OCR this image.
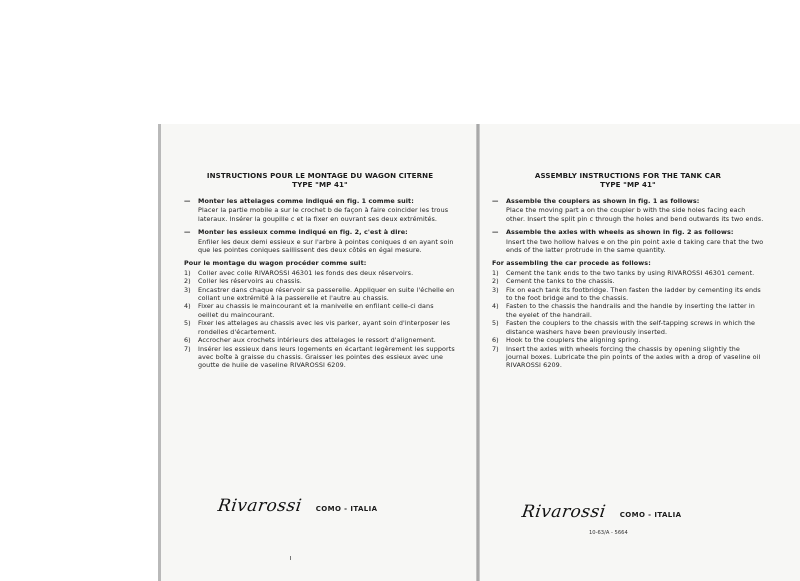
INSTRUCTIONS POUR LE MONTAGE DU WAGON CITERNE
TYPE "MP 41"
—	Monter les attelages comme indiqué en fig. 1 comme suit:
Placer la partie mobile a sur le crochet b de façon à faire coincider les trous lateraux. Insérer la goupille c et la fixer en ouvrant ses deux extrémités.
—	Monter les essieux comme indiqué en fig. 2, c'est à dire:
Enfiler les deux demi essieux e sur l'arbre à pointes coniques d en ayant soin que les pointes coniques saillissent des deux côtés en égal mesure.
Pour le montage du wagon procéder comme suit:
1)	Coller avec colle RIVAROSSI 46301 les fonds des deux réservoirs.
2)	Coller les réservoirs au chassis.
3)	Encastrer dans chaque réservoir sa passerelle. Appliquer en suite l'échelle en collant une extrémité à la passerelle et l'autre au chassis.
4)	Fixer au chassis le maincourant et la manivelle en enfilant celle-ci dans oeillet du maincourant.
5)	Fixer les attelages au chassis avec les vis parker, ayant soin d'interposer les rondelles d'écartement.
6)	Accrocher aux crochets intérieurs des attelages le ressort d'alignement.
7)	Insérer les essieux dans leurs logements en écartant legèrement les supports avec boîte à graisse du chassis. Graisser les pointes des essieux avec une goutte de huile de vaseline RIVAROSSI 6209.
Rivarossi COMO - ITALIA
ASSEMBLY INSTRUCTIONS FOR THE TANK CAR
TYPE "MP 41"
—	Assemble the couplers as shown in fig. 1 as follows:
Place the moving part a on the coupler b with the side holes facing each other. Insert the split pin c through the holes and bend outwards its two ends.
—	Assemble the axles with wheels as shown in fig. 2 as follows:
Insert the two hollow halves e on the pin point axle d taking care that the two ends of the latter protrude in the same quantity.
For assembling the car procede as follows:
1)	Cement the tank ends to the two tanks by using RIVAROSSI 46301 cement.
2)	Cement the tanks to the chassis.
3)	Fix on each tank its footbridge. Then fasten the ladder by cementing its ends to the foot bridge and to the chassis.
4)	Fasten to the chassis the handrails and the handle by inserting the latter in the eyelet of the handrail.
5)	Fasten the couplers to the chassis with the self-tapping screws in which the distance washers have been previously inserted.
6)	Hook to the couplers the aligning spring.
7)	Insert the axles with wheels forcing the chassis by opening slightly the journal boxes. Lubricate the pin points of the axles with a drop of vaseline oil RIVAROSSI 6209.
Rivarossi COMO - ITALIA
10-63/A - 5664
